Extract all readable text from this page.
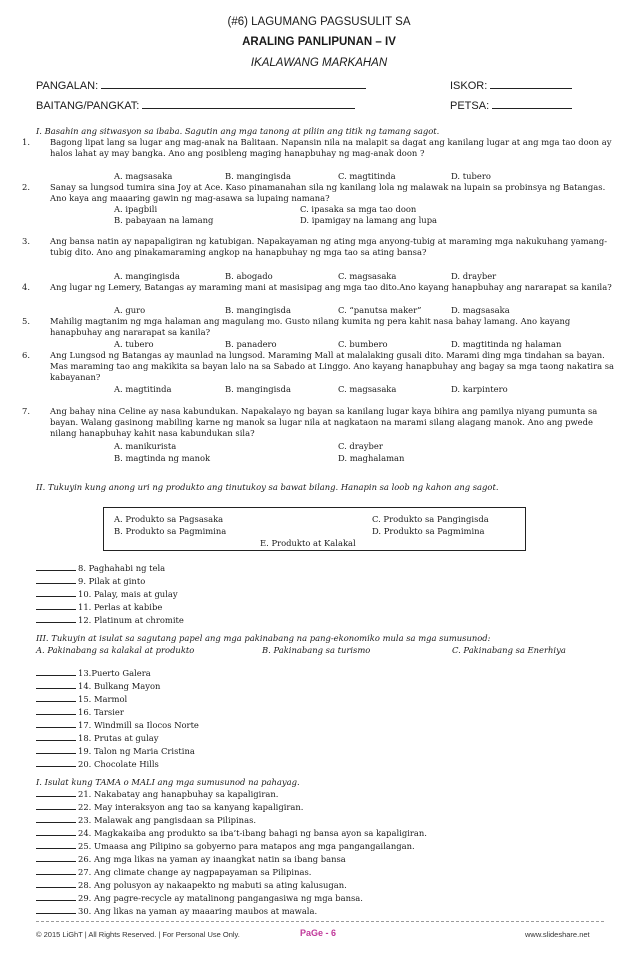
(#6) LAGUMANG PAGSUSULIT SA
ARALING PANLIPUNAN – IV
IKALAWANG MARKAHAN
PANGALAN:
BAITANG/PANGKAT:
ISKOR:
PETSA:
I. Basahin ang sitwasyon sa ibaba. Sagutin ang mga tanong at piliin ang titik ng tamang sagot.
1. Bagong lipat lang sa lugar ang mag-anak na Balitaan. Napansin nila na malapit sa dagat ang kanilang lugar at ang mga tao doon ay halos lahat ay may bangka. Ano ang posibleng maging hanapbuhay ng mag-anak doon ?
A. magsasaka	B. mangingisda	C. magtitinda	D. tubero
2. Sanay sa lungsod tumira sina Joy at Ace. Kaso pinamanahan sila ng kanilang lola ng malawak na lupain sa probinsya ng Batangas. Ano kaya ang maaaring gawin ng mag-asawa sa lupaing namana?
A. ipagbili	C. ipasaka sa mga tao doon
B. pabayaan na lamang	D. ipamigay na lamang ang lupa
3. Ang bansa natin ay napapaligiran ng katubigan. Napakayaman ng ating mga anyong-tubig at maraming mga nakukuhang yamang-tubig dito. Ano ang pinakamaraming angkop na hanapbuhay ng mga tao sa ating bansa?
A. mangingisda	B. abogado	C. magsasaka	D. drayber
4. Ang lugar ng Lemery, Batangas ay maraming mani at masisipag ang mga tao dito.Ano kayang hanapbuhay ang nararapat sa kanila?
A. guro	B. mangingisda	C. “panutsa maker”	D. magsasaka
5. Mahilig magtanim ng mga halaman ang magulang mo. Gusto nilang kumita ng pera kahit nasa bahay lamang. Ano kayang hanapbuhay ang nararapat sa kanila?
A. tubero	B. panadero	C. bumbero	D. magtitinda ng halaman
6. Ang Lungsod ng Batangas ay maunlad na lungsod. Maraming Mall at malalaking gusali dito. Marami ding mga tindahan sa bayan. Mas maraming tao ang makikita sa bayan lalo na sa Sabado at Linggo. Ano kayang hanapbuhay ang bagay sa mga taong nakatira sa kabayanan?
A. magtitinda	B. mangingisda	C. magsasaka	D. karpintero
7. Ang bahay nina Celine ay nasa kabundukan. Napakalayo ng bayan sa kanilang lugar kaya bihira ang pamilya niyang pumunta sa bayan. Walang gasinong mabiling karne ng manok sa lugar nila at nagkataon na marami silang alagang manok. Ano ang pwede nilang hanapbuhay kahit nasa kabundukan sila?
A. manikurista	C. drayber
B. magtinda ng manok	D. maghalaman
II. Tukuyin kung anong uri ng produkto ang tinutukoy sa bawat bilang. Hanapin sa loob ng kahon ang sagot.
A. Produkto sa Pagsasaka	C. Produkto sa Pangingisda
B. Produkto sa Pagmimina	D. Produkto sa Pagmimina
E. Produkto at Kalakal
8. Paghahabi ng tela
9. Pilak at ginto
10. Palay, mais at gulay
11. Perlas at kabibe
12. Platinum at chromite
III. Tukuyin at isulat sa sagutang papel ang mga pakinabang na pang-ekonomiko mula sa mga sumusunod:
A. Pakinabang sa kalakal at produkto	B. Pakinabang sa turismo	C. Pakinabang sa Enerhiya
13.Puerto Galera
14. Bulkang Mayon
15. Marmol
16. Tarsier
17. Windmill sa Ilocos Norte
18. Prutas at gulay
19. Talon ng Maria Cristina
20. Chocolate Hills
I. Isulat kung TAMA o MALI ang mga sumusunod na pahayag.
21. Nakabatay ang hanapbuhay sa kapaligiran.
22. May interaksyon ang tao sa kanyang kapaligiran.
23. Malawak ang pangisdaan sa Pilipinas.
24. Magkakaiba ang produkto sa iba’t-ibang bahagi ng bansa ayon sa kapaligiran.
25. Umaasa ang Pilipino sa gobyerno para matapos ang mga pangangailangan.
26. Ang mga likas na yaman ay inaangkat natin sa ibang bansa
27. Ang climate change ay nagpapayaman sa Pilipinas.
28. Ang polusyon ay nakaapekto ng mabuti sa ating kalusugan.
29. Ang pagre-recycle ay matalinong pangangasiwa ng mga bansa.
30. Ang likas na yaman ay maaaring maubos at mawala.
© 2015 LiGhT | All Rights Reserved. | For Personal Use Only.	PaGe - 6	www.slideshare.net
